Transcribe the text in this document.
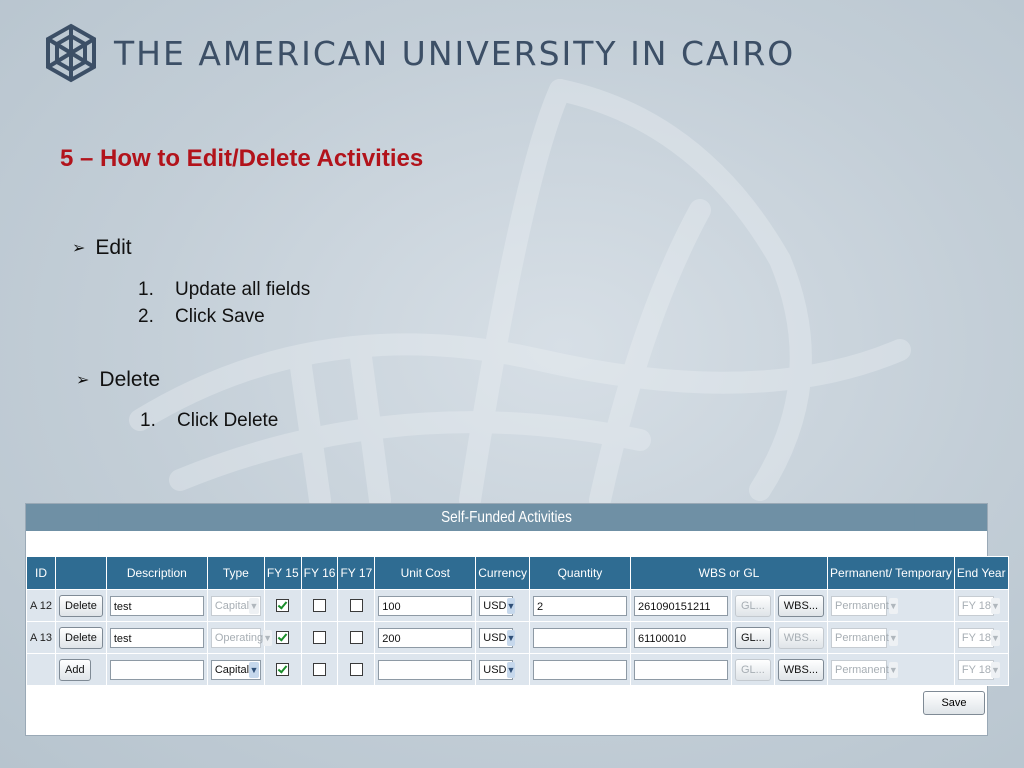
THE AMERICAN UNIVERSITY IN CAIRO
5 – How to Edit/Delete Activities
➢ Edit
1. Update all fields
2. Click Save
➢ Delete
1. Click Delete
Self-Funded Activities
ID		Description	Type	FY 15	FY 16	FY 17	Unit Cost	Currency	Quantity	WBS or GL			Permanent/ Temporary	End Year
A 12	Delete	test	Capital ▼				100	USD ▼	2	261090151211	GL...	WBS...	Permanent ▼	FY 18 ▼

A 13	Delete	test	Operating ▼				200	USD ▼		61100010	GL...	WBS...	Permanent ▼	FY 18 ▼

	Add		Capital ▼					USD ▼			GL...	WBS...	Permanent ▼	FY 18 ▼
Save
